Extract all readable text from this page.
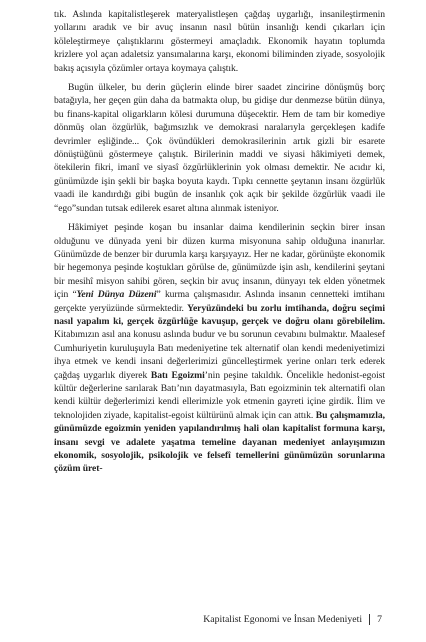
tık. Aslında kapitalistleşerek materyalistleşen çağdaş uygarlığı, insanileştirmenin yollarını aradık ve bir avuç insanın nasıl bütün insanlığı kendi çıkarları için köleleştirmeye çalıştıklarını göstermeyi amaçladık. Ekonomik hayatın toplumda krizlere yol açan adaletsiz yansımalarına karşı, ekonomi biliminden ziyade, sosyolojik bakış açısıyla çözümler ortaya koymaya çalıştık.

Bugün ülkeler, bu derin güçlerin elinde birer saadet zincirine dönüşmüş borç batağıyla, her geçen gün daha da batmakta olup, bu gidişe dur denmezse bütün dünya, bu finans-kapital oligarkların kölesi durumuna düşecektir. Hem de tam bir komediye dönmüş olan özgürlük, bağımsızlık ve demokrasi naralarıyla gerçekleşen kadife devrimler eşliğinde... Çok övündükleri demokrasilerinin artık gizli bir esarete dönüştüğünü göstermeye çalıştık. Birilerinin maddi ve siyasi hâkimiyeti demek, ötekilerin fikri, imanî ve siyasî özgürlüklerinin yok olması demektir. Ne acıdır ki, günümüzde işin şekli bir başka boyuta kaydı. Tıpkı cennette şeytanın insanı özgürlük vaadi ile kandırdığı gibi bugün de insanlık çok açık bir şekilde özgürlük vaadi ile “ego”sundan tutsak edilerek esaret altına alınmak isteniyor.

Hâkimiyet peşinde koşan bu insanlar daima kendilerinin seçkin birer insan olduğunu ve dünyada yeni bir düzen kurma misyonuna sahip olduğuna inanırlar. Günümüzde de benzer bir durumla karşı karşıyayız. Her ne kadar, görünüşte ekonomik bir hegemonya peşinde koştukları görülse de, günümüzde işin aslı, kendilerini şeytani bir mesihî misyon sahibi gören, seçkin bir avuç insanın, dünyayı tek elden yönetmek için “Yeni Dünya Düzeni” kurma çalışmasıdır. Aslında insanın cennetteki imtihanı gerçekte yeryüzünde sürmektedir. Yeryüzündeki bu zorlu imtihanda, doğru seçimi nasıl yapalım ki, gerçek özgürlüğe kavuşup, gerçek ve doğru olanı görebilelim. Kitabımızın asıl ana konusu aslında budur ve bu sorunun cevabını bulmaktır. Maalesef Cumhuriyetin kuruluşuyla Batı medeniyetine tek alternatif olan kendi medeniyetimizi ihya etmek ve kendi insani değerlerimizi güncelleştirmek yerine onları terk ederek çağdaş uygarlık diyerek Batı Egoizmi’nin peşine takıldık. Öncelikle hedonist-egoist kültür değerlerine sarılarak Batı’nın dayatmasıyla, Batı egoizminin tek alternatifi olan kendi kültür değerlerimizi kendi ellerimizle yok etmenin gayreti içine girdik. İlim ve teknolojiden ziyade, kapitalist-egoist kültürünü almak için can attık. Bu çalışmamızla, günümüzde egoizmin yeniden yapılandırılmış hali olan kapitalist formuna karşı, insanı sevgi ve adalete yaşatma temeline dayanan medeniyet anlayışımızın ekonomik, sosyolojik, psikolojik ve felsefî temellerini günümüzün sorunlarına çözüm üret-

Kapitalist Egonomi ve İnsan Medeniyeti 7
